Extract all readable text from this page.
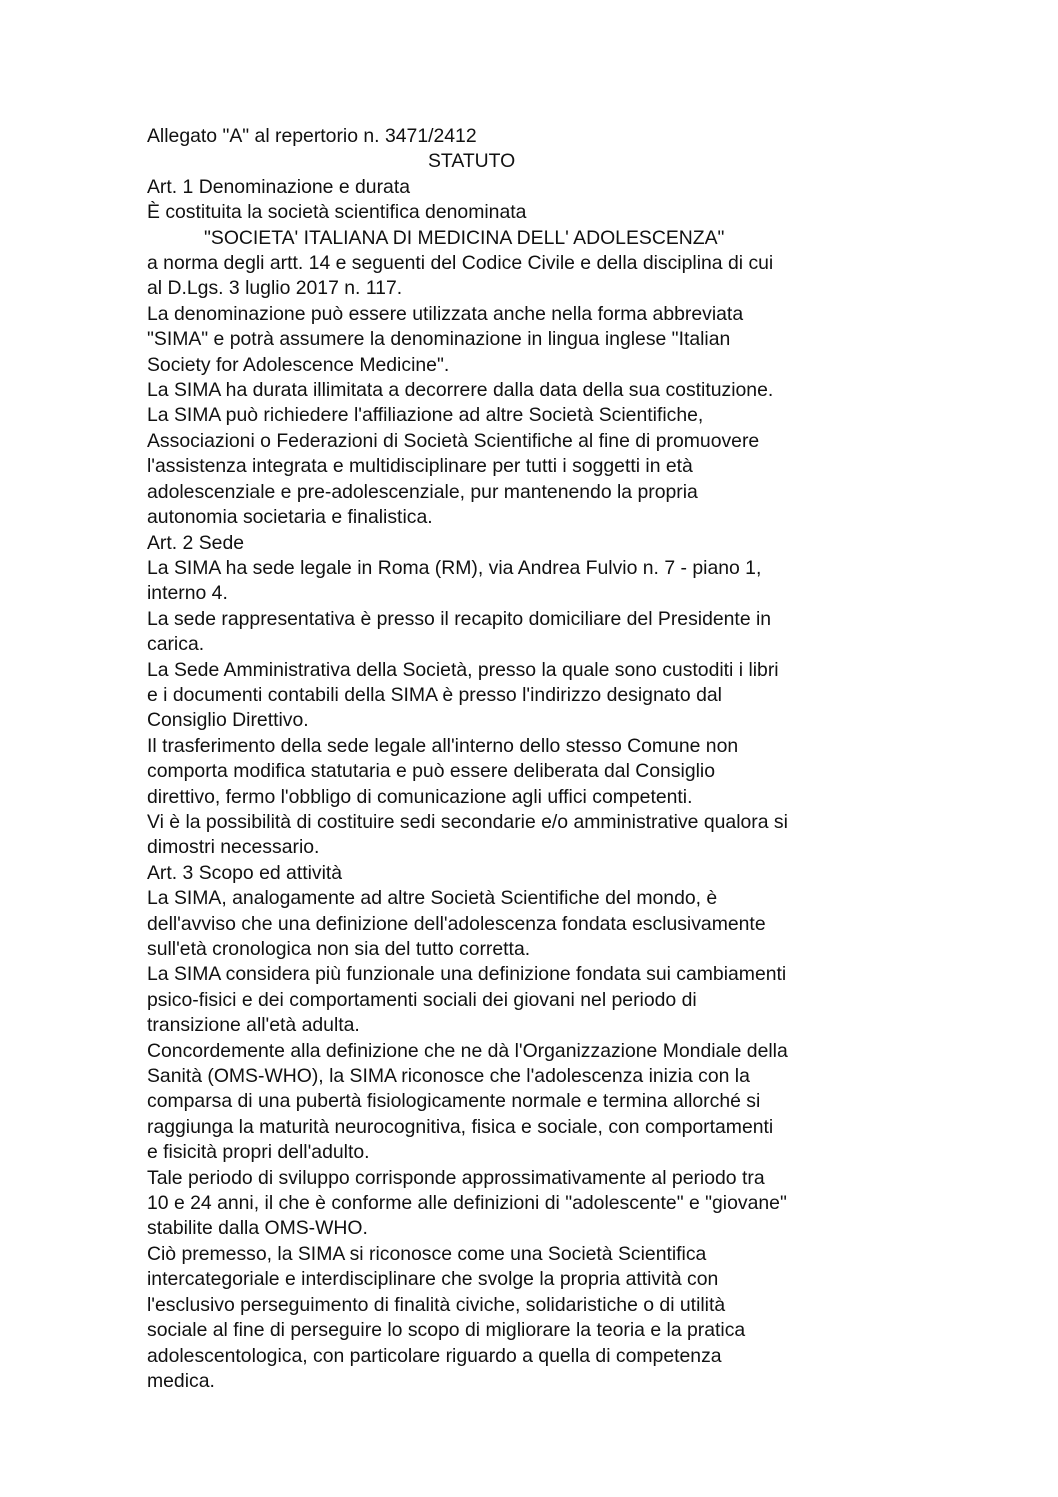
Allegato "A" al repertorio n. 3471/2412
STATUTO
Art. 1 Denominazione e durata
È costituita la società scientifica denominata
"SOCIETA' ITALIANA DI MEDICINA DELL' ADOLESCENZA"
a norma degli artt. 14 e seguenti del Codice Civile e della disciplina di cui
al D.Lgs. 3 luglio 2017 n. 117.
La denominazione può essere utilizzata anche nella forma abbreviata
"SIMA" e potrà assumere la denominazione in lingua inglese "Italian
Society for Adolescence Medicine".
La SIMA ha durata illimitata a decorrere dalla data della sua costituzione.
La SIMA può richiedere l'affiliazione ad altre Società Scientifiche,
Associazioni o Federazioni di Società Scientifiche al fine di promuovere
l'assistenza integrata e multidisciplinare per tutti i soggetti in età
adolescenziale e pre-adolescenziale, pur mantenendo la propria
autonomia societaria e finalistica.
Art. 2 Sede
La SIMA ha sede legale in Roma (RM), via Andrea Fulvio n. 7 - piano 1,
interno 4.
La sede rappresentativa è presso il recapito domiciliare del Presidente in
carica.
La Sede Amministrativa della Società, presso la quale sono custoditi i libri
e i documenti contabili della SIMA è presso l'indirizzo designato dal
Consiglio Direttivo.
Il trasferimento della sede legale all'interno dello stesso Comune non
comporta modifica statutaria e può essere deliberata dal Consiglio
direttivo, fermo l'obbligo di comunicazione agli uffici competenti.
Vi è la possibilità di costituire sedi secondarie e/o amministrative qualora si
dimostri necessario.
Art. 3 Scopo ed attività
La SIMA, analogamente ad altre Società Scientifiche del mondo, è
dell'avviso che una definizione dell'adolescenza fondata esclusivamente
sull'età cronologica non sia del tutto corretta.
La SIMA considera più funzionale una definizione fondata sui cambiamenti
psico-fisici e dei comportamenti sociali dei giovani nel periodo di
transizione all'età adulta.
Concordemente alla definizione che ne dà l'Organizzazione Mondiale della
Sanità (OMS-WHO), la SIMA riconosce che l'adolescenza inizia con la
comparsa di una pubertà fisiologicamente normale e termina allorché si
raggiunga la maturità neurocognitiva, fisica e sociale, con comportamenti
e fisicità propri dell'adulto.
Tale periodo di sviluppo corrisponde approssimativamente al periodo tra
10 e 24 anni, il che è conforme alle definizioni di "adolescente" e "giovane"
stabilite dalla OMS-WHO.
Ciò premesso, la SIMA si riconosce come una Società Scientifica
intercategoriale e interdisciplinare che svolge la propria attività con
l'esclusivo perseguimento di finalità civiche, solidaristiche o di utilità
sociale al fine di perseguire lo scopo di migliorare la teoria e la pratica
adolescentologica, con particolare riguardo a quella di competenza
medica.
